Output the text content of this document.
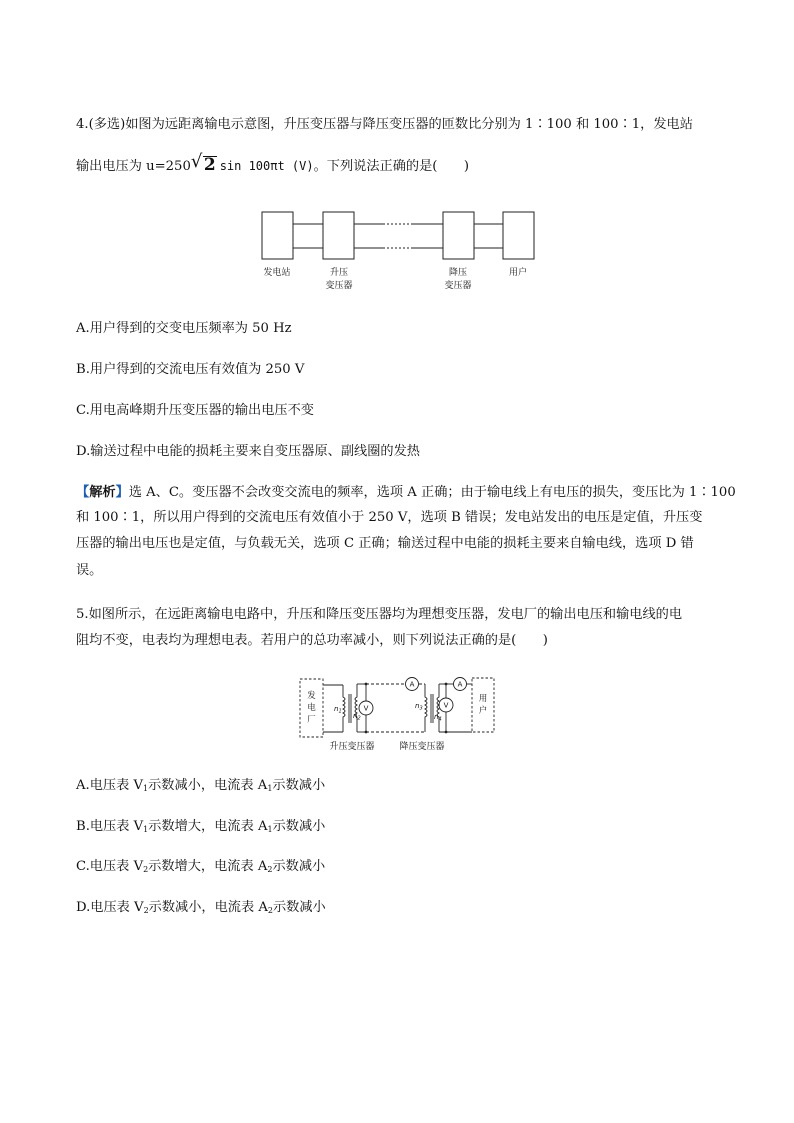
4.(多选)如图为远距离输电示意图，升压变压器与降压变压器的匝数比分别为 1∶100 和 100∶1，发电站
输出电压为 u=250 √ 2 sin 100πt (V)。下列说法正确的是(　　)
发电站	升压
变压器
降压
变压器
用户
A.用户得到的交变电压频率为 50 Hz
B.用户得到的交流电压有效值为 250 V
C.用电高峰期升压变压器的输出电压不变
D.输送过程中电能的损耗主要来自变压器原、副线圈的发热
【解析】选 A、C。变压器不会改变交流电的频率，选项 A 正确；由于输电线上有电压的损失，变压比为 1∶100
和 100∶1，所以用户得到的交流电压有效值小于 250 V，选项 B 错误；发电站发出的电压是定值，升压变
压器的输出电压也是定值，与负载无关，选项 C 正确；输送过程中电能的损耗主要来自输电线，选项 D 错
误。
5.如图所示，在远距离输电电路中，升压和降压变压器均为理想变压器，发电厂的输出电压和输电线的电
阻均不变，电表均为理想电表。若用户的总功率减小，则下列说法正确的是(　　)
发
电
厂
用
户
$n_1$
$n_2$
$n_3$
$n_4$
V
A
V
A
升压变压器	降压变压器
A.电压表 $V_1$示数减小，电流表 $A_1$示数减小
B.电压表 $V_1$示数增大，电流表 $A_1$示数减小
C.电压表 $V_2$示数增大，电流表 $A_2$示数减小
D.电压表 $V_2$示数减小，电流表 $A_2$示数减小
